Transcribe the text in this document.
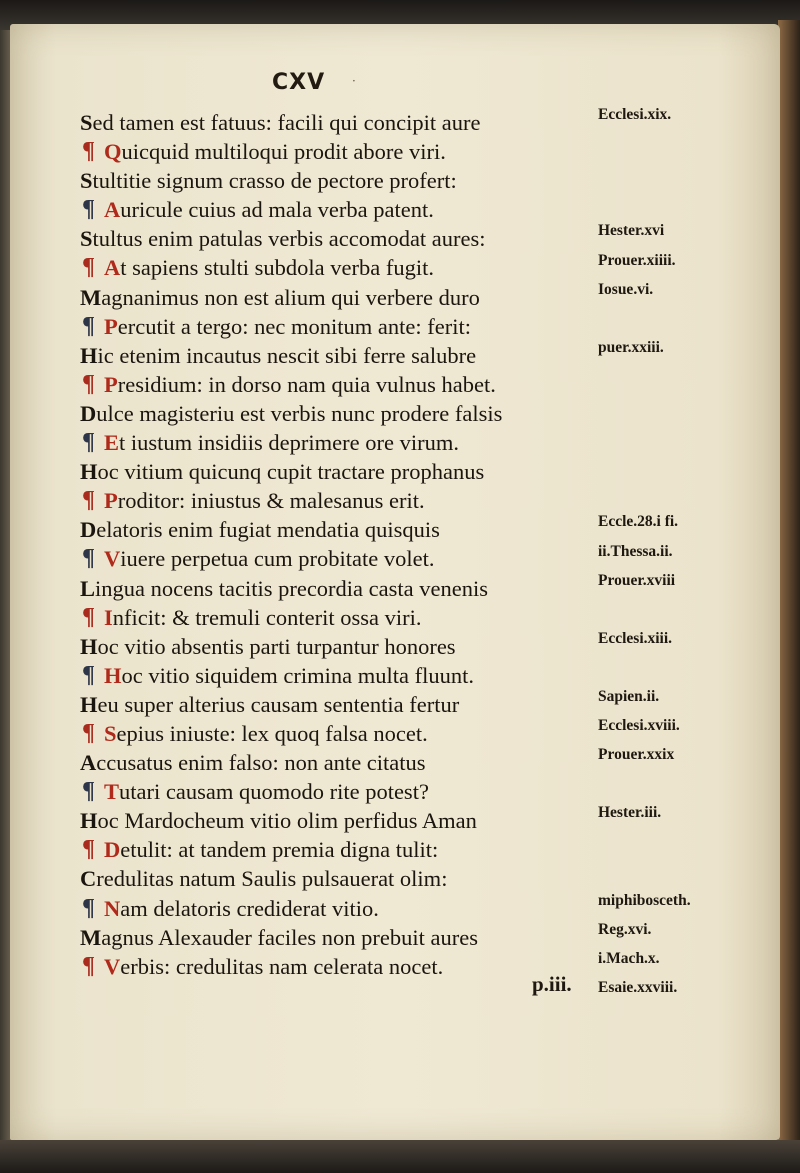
CXV ·
Sed tamen est fatuus: facili qui concipit aure
¶ Quicquid multiloqui prodit abore viri.
Stultitie signum crasso de pectore profert:
¶ Auricule cuius ad mala verba patent.
Stultus enim patulas verbis accomodat aures:
¶ At sapiens stulti subdola verba fugit.
Magnanimus non est alium qui verbere duro
¶ Percutit a tergo: nec monitum ante: ferit:
Hic etenim incautus nescit sibi ferre salubre
¶ Presidium: in dorso nam quia vulnus habet.
Dulce magisteriu est verbis nunc prodere falsis
¶ Et iustum insidiis deprimere ore virum.
Hoc vitium quicunq cupit tractare prophanus
¶ Proditor: iniustus & malesanus erit.
Delatoris enim fugiat mendatia quisquis
¶ Viuere perpetua cum probitate volet.
Lingua nocens tacitis precordia casta venenis
¶ Inficit: & tremuli conterit ossa viri.
Hoc vitio absentis parti turpantur honores
¶ Hoc vitio siquidem crimina multa fluunt.
Heu super alterius causam sententia fertur
¶ Sepius iniuste: lex quoq falsa nocet.
Accusatus enim falso: non ante citatus
¶ Tutari causam quomodo rite potest?
Hoc Mardocheum vitio olim perfidus Aman
¶ Detulit: at tandem premia digna tulit:
Credulitas natum Saulis pulsauerat olim:
¶ Nam delatoris crediderat vitio.
Magnus Alexauder faciles non prebuit aures
¶ Verbis: credulitas nam celerata nocet.
Ecclesi.xix.
Hester.xvi
Prouer.xiiii.
Iosue.vi.
puer.xxiii.
Eccle.28.i fi.
ii.Thessa.ii.
Prouer.xviii
Ecclesi.xiii.
Sapien.ii.
Ecclesi.xviii.
Prouer.xxix
Hester.iii.
miphibosceth.
Reg.xvi.
i.Mach.x.
Esaie.xxviii.
p.iii.
